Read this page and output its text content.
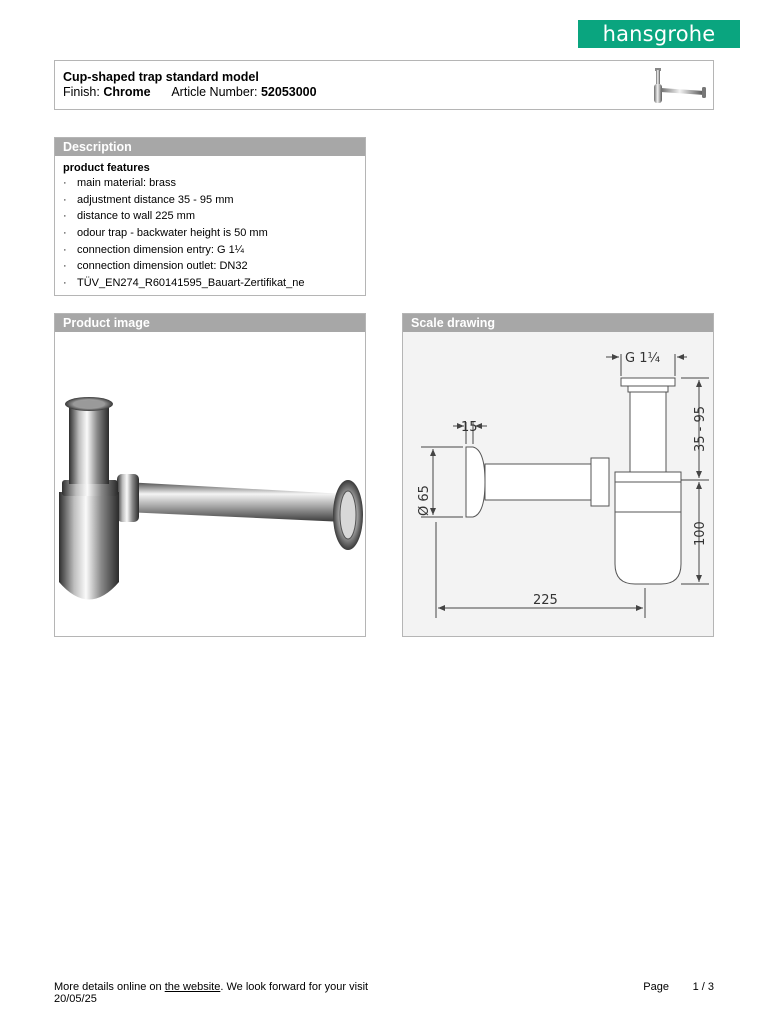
hansgrohe
Cup-shaped trap standard model
Finish: Chrome Article Number: 52053000
Description
product features
· main material: brass
· adjustment distance 35 - 95 mm
· distance to wall 225 mm
· odour trap - backwater height is 50 mm
· connection dimension entry: G 1¼
· connection dimension outlet: DN32
· TÜV_EN274_R60141595_Bauart-Zertifikat_ne
Product image	Scale drawing
G 1¼
15
Ø 65
35 - 95
100
225
More details online on the website. We look forward for your visit
20/05/25
Page 1 / 3
